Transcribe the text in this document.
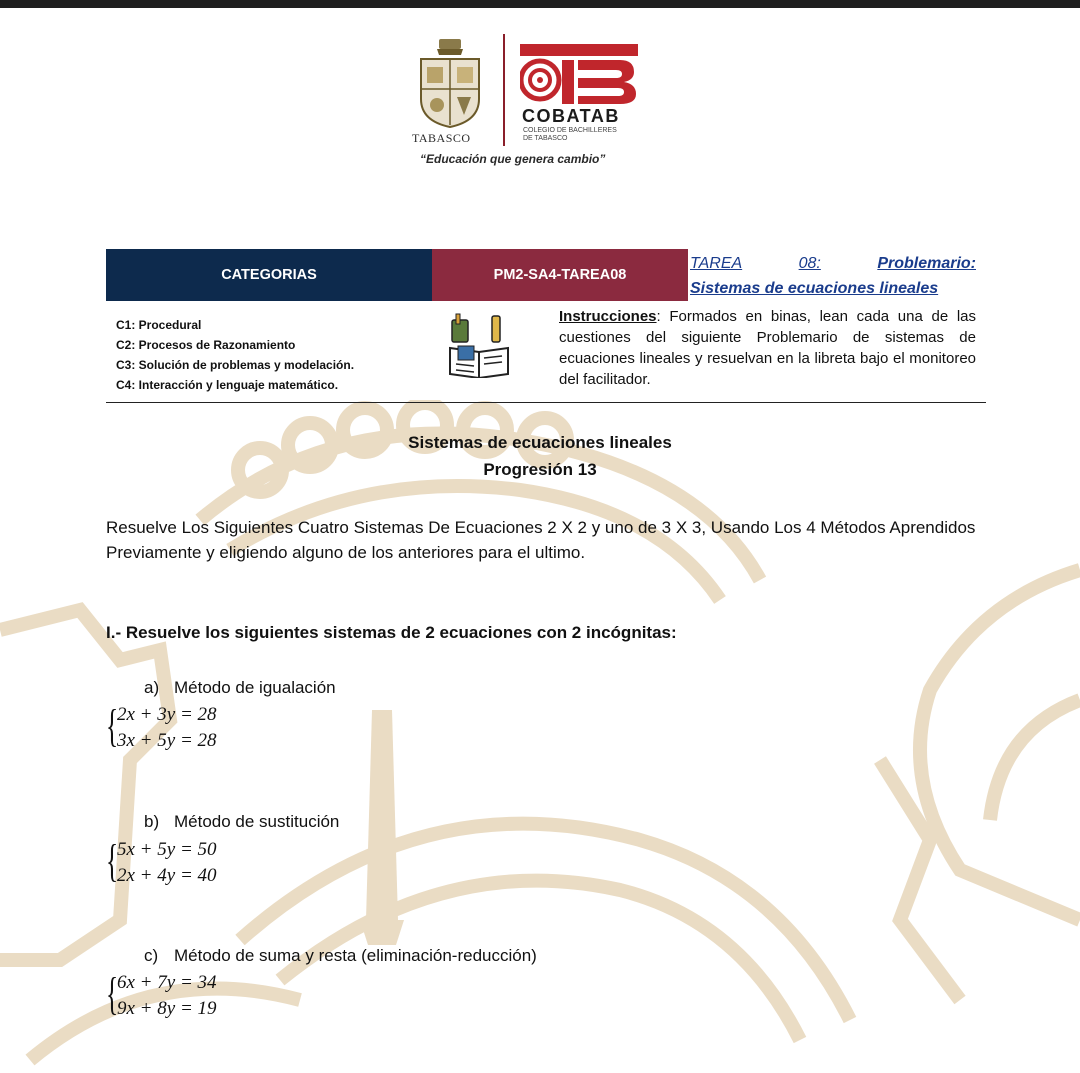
TABASCO
COBATAB
COLEGIO DE BACHILLERES
DE TABASCO
“Educación que genera cambio”
CATEGORIAS	PM2-SA4-TAREA08
TAREA	08:	Problemario:
Sistemas de ecuaciones lineales
C1: Procedural
C2: Procesos de Razonamiento
C3: Solución de problemas y modelación.
C4: Interacción y lenguaje matemático.
Instrucciones: Formados en binas, lean cada una de las cuestiones del siguiente Problemario de sistemas de ecuaciones lineales y resuelvan en la libreta bajo el monitoreo del facilitador.
Sistemas de ecuaciones lineales
Progresión 13
Resuelve Los Siguientes Cuatro Sistemas De Ecuaciones 2 X 2 y uno de 3 X 3, Usando Los 4 Métodos Aprendidos Previamente y eligiendo alguno de los anteriores para el ultimo.
I.- Resuelve los siguientes sistemas de 2 ecuaciones con 2 incógnitas:
a) Método de igualación
{
2x + 3y = 28
3x + 5y = 28
b) Método de sustitución
{
5x + 5y = 50
2x + 4y = 40
c) Método de suma y resta (eliminación-reducción)
{
6x + 7y = 34
9x + 8y = 19
